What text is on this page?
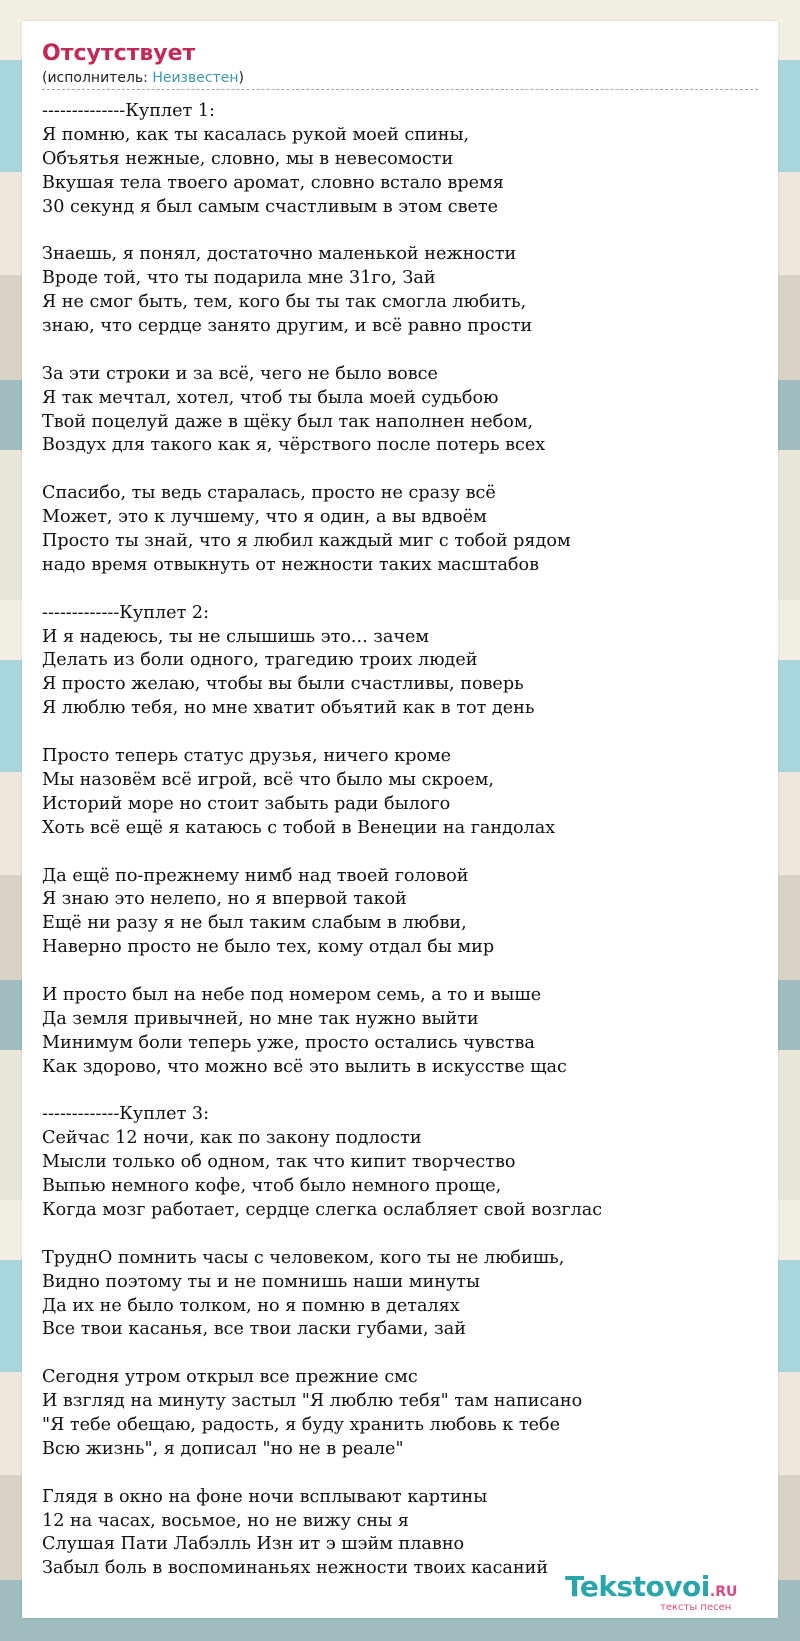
Отсутствует
(исполнитель: Неизвестен)
--------------Куплет 1:
Я помню, как ты касалась рукой моей спины,
Объятья нежные, словно, мы в невесомости
Вкушая тела твоего аромат, словно встало время
30 секунд я был самым счастливым в этом свете
Знаешь, я понял, достаточно маленькой нежности
Вроде той, что ты подарила мне 31го, Зай
Я не смог быть, тем, кого бы ты так смогла любить,
знаю, что сердце занято другим, и всё равно прости
За эти строки и за всё, чего не было вовсе
Я так мечтал, хотел, чтоб ты была моей судьбою
Твой поцелуй даже в щёку был так наполнен небом,
Воздух для такого как я, чёрствого после потерь всех
Спасибо, ты ведь старалась, просто не сразу всё
Может, это к лучшему, что я один, а вы вдвоём
Просто ты знай, что я любил каждый миг с тобой рядом
надо время отвыкнуть от нежности таких масштабов
-------------Куплет 2:
И я надеюсь, ты не слышишь это... зачем
Делать из боли одного, трагедию троих людей
Я просто желаю, чтобы вы были счастливы, поверь
Я люблю тебя, но мне хватит объятий как в тот день
Просто теперь статус друзья, ничего кроме
Мы назовём всё игрой, всё что было мы скроем,
Историй море но стоит забыть ради былого
Хоть всё ещё я катаюсь с тобой в Венеции на гандолах
Да ещё по-прежнему нимб над твоей головой
Я знаю это нелепо, но я впервой такой
Ещё ни разу я не был таким слабым в любви,
Наверно просто не было тех, кому отдал бы мир
И просто был на небе под номером семь, а то и выше
Да земля привычней, но мне так нужно выйти
Минимум боли теперь уже, просто остались чувства
Как здорово, что можно всё это вылить в искусстве щас
-------------Куплет 3:
Сейчас 12 ночи, как по закону подлости
Мысли только об одном, так что кипит творчество
Выпью немного кофе, чтоб было немного проще,
Когда мозг работает, сердце слегка ослабляет свой возглас
ТруднО помнить часы с человеком, кого ты не любишь,
Видно поэтому ты и не помнишь наши минуты
Да их не было толком, но я помню в деталях
Все твои касанья, все твои ласки губами, зай
Сегодня утром открыл все прежние смс
И взгляд на минуту застыл "Я люблю тебя" там написано
"Я тебе обещаю, радость, я буду хранить любовь к тебе
Всю жизнь", я дописал "но не в реале"
Глядя в окно на фоне ночи всплывают картины
12 на часах, восьмое, но не вижу сны я
Слушая Пати Лабэлль Изн ит э шэйм плавно
Забыл боль в воспоминаньях нежности твоих касаний
Tekstovoi.RU
тексты песен
